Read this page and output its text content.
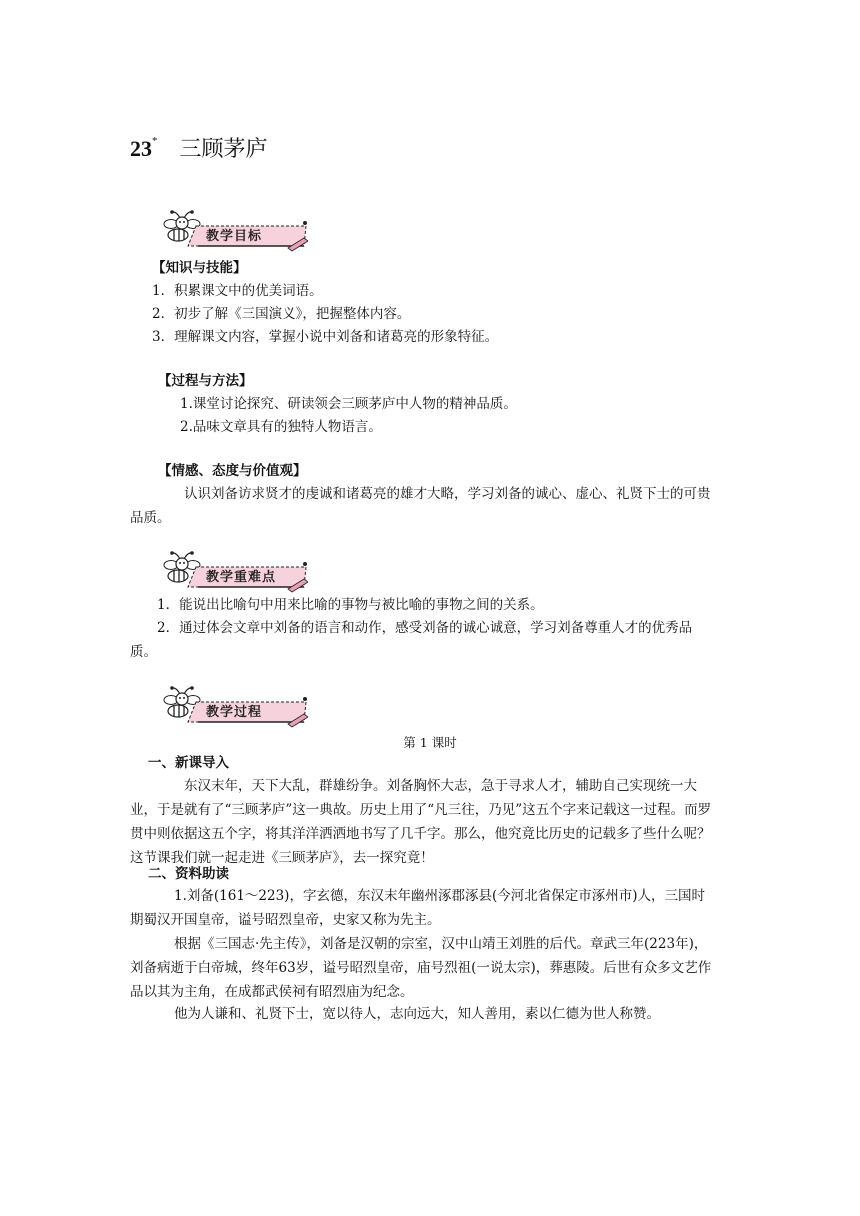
23* 三顾茅庐
教学目标
【知识与技能】
1．积累课文中的优美词语。
2．初步了解《三国演义》，把握整体内容。
3．理解课文内容，掌握小说中刘备和诸葛亮的形象特征。
【过程与方法】
1.课堂讨论探究、研读领会三顾茅庐中人物的精神品质。
2.品味文章具有的独特人物语言。
【情感、态度与价值观】
认识刘备访求贤才的虔诚和诸葛亮的雄才大略，学习刘备的诚心、虚心、礼贤下士的可贵品质。
教学重难点
1．能说出比喻句中用来比喻的事物与被比喻的事物之间的关系。
2．通过体会文章中刘备的语言和动作，感受刘备的诚心诚意，学习刘备尊重人才的优秀品质。
教学过程
第 1 课时
一、新课导入
东汉末年，天下大乱，群雄纷争。刘备胸怀大志，急于寻求人才，辅助自己实现统一大业，于是就有了“三顾茅庐”这一典故。历史上用了“凡三往，乃见”这五个字来记载这一过程。而罗贯中则依据这五个字，将其洋洋洒洒地书写了几千字。那么，他究竟比历史的记载多了些什么呢？这节课我们就一起走进《三顾茅庐》，去一探究竟！
二、资料助读
1.刘备(161～223)，字玄德，东汉末年幽州涿郡涿县(今河北省保定市涿州市)人，三国时期蜀汉开国皇帝，谥号昭烈皇帝，史家又称为先主。
根据《三国志·先主传》，刘备是汉朝的宗室，汉中山靖王刘胜的后代。章武三年(223年)，刘备病逝于白帝城，终年63岁，谥号昭烈皇帝，庙号烈祖(一说太宗)，葬惠陵。后世有众多文艺作品以其为主角，在成都武侯祠有昭烈庙为纪念。
他为人谦和、礼贤下士，宽以待人，志向远大，知人善用，素以仁德为世人称赞。
